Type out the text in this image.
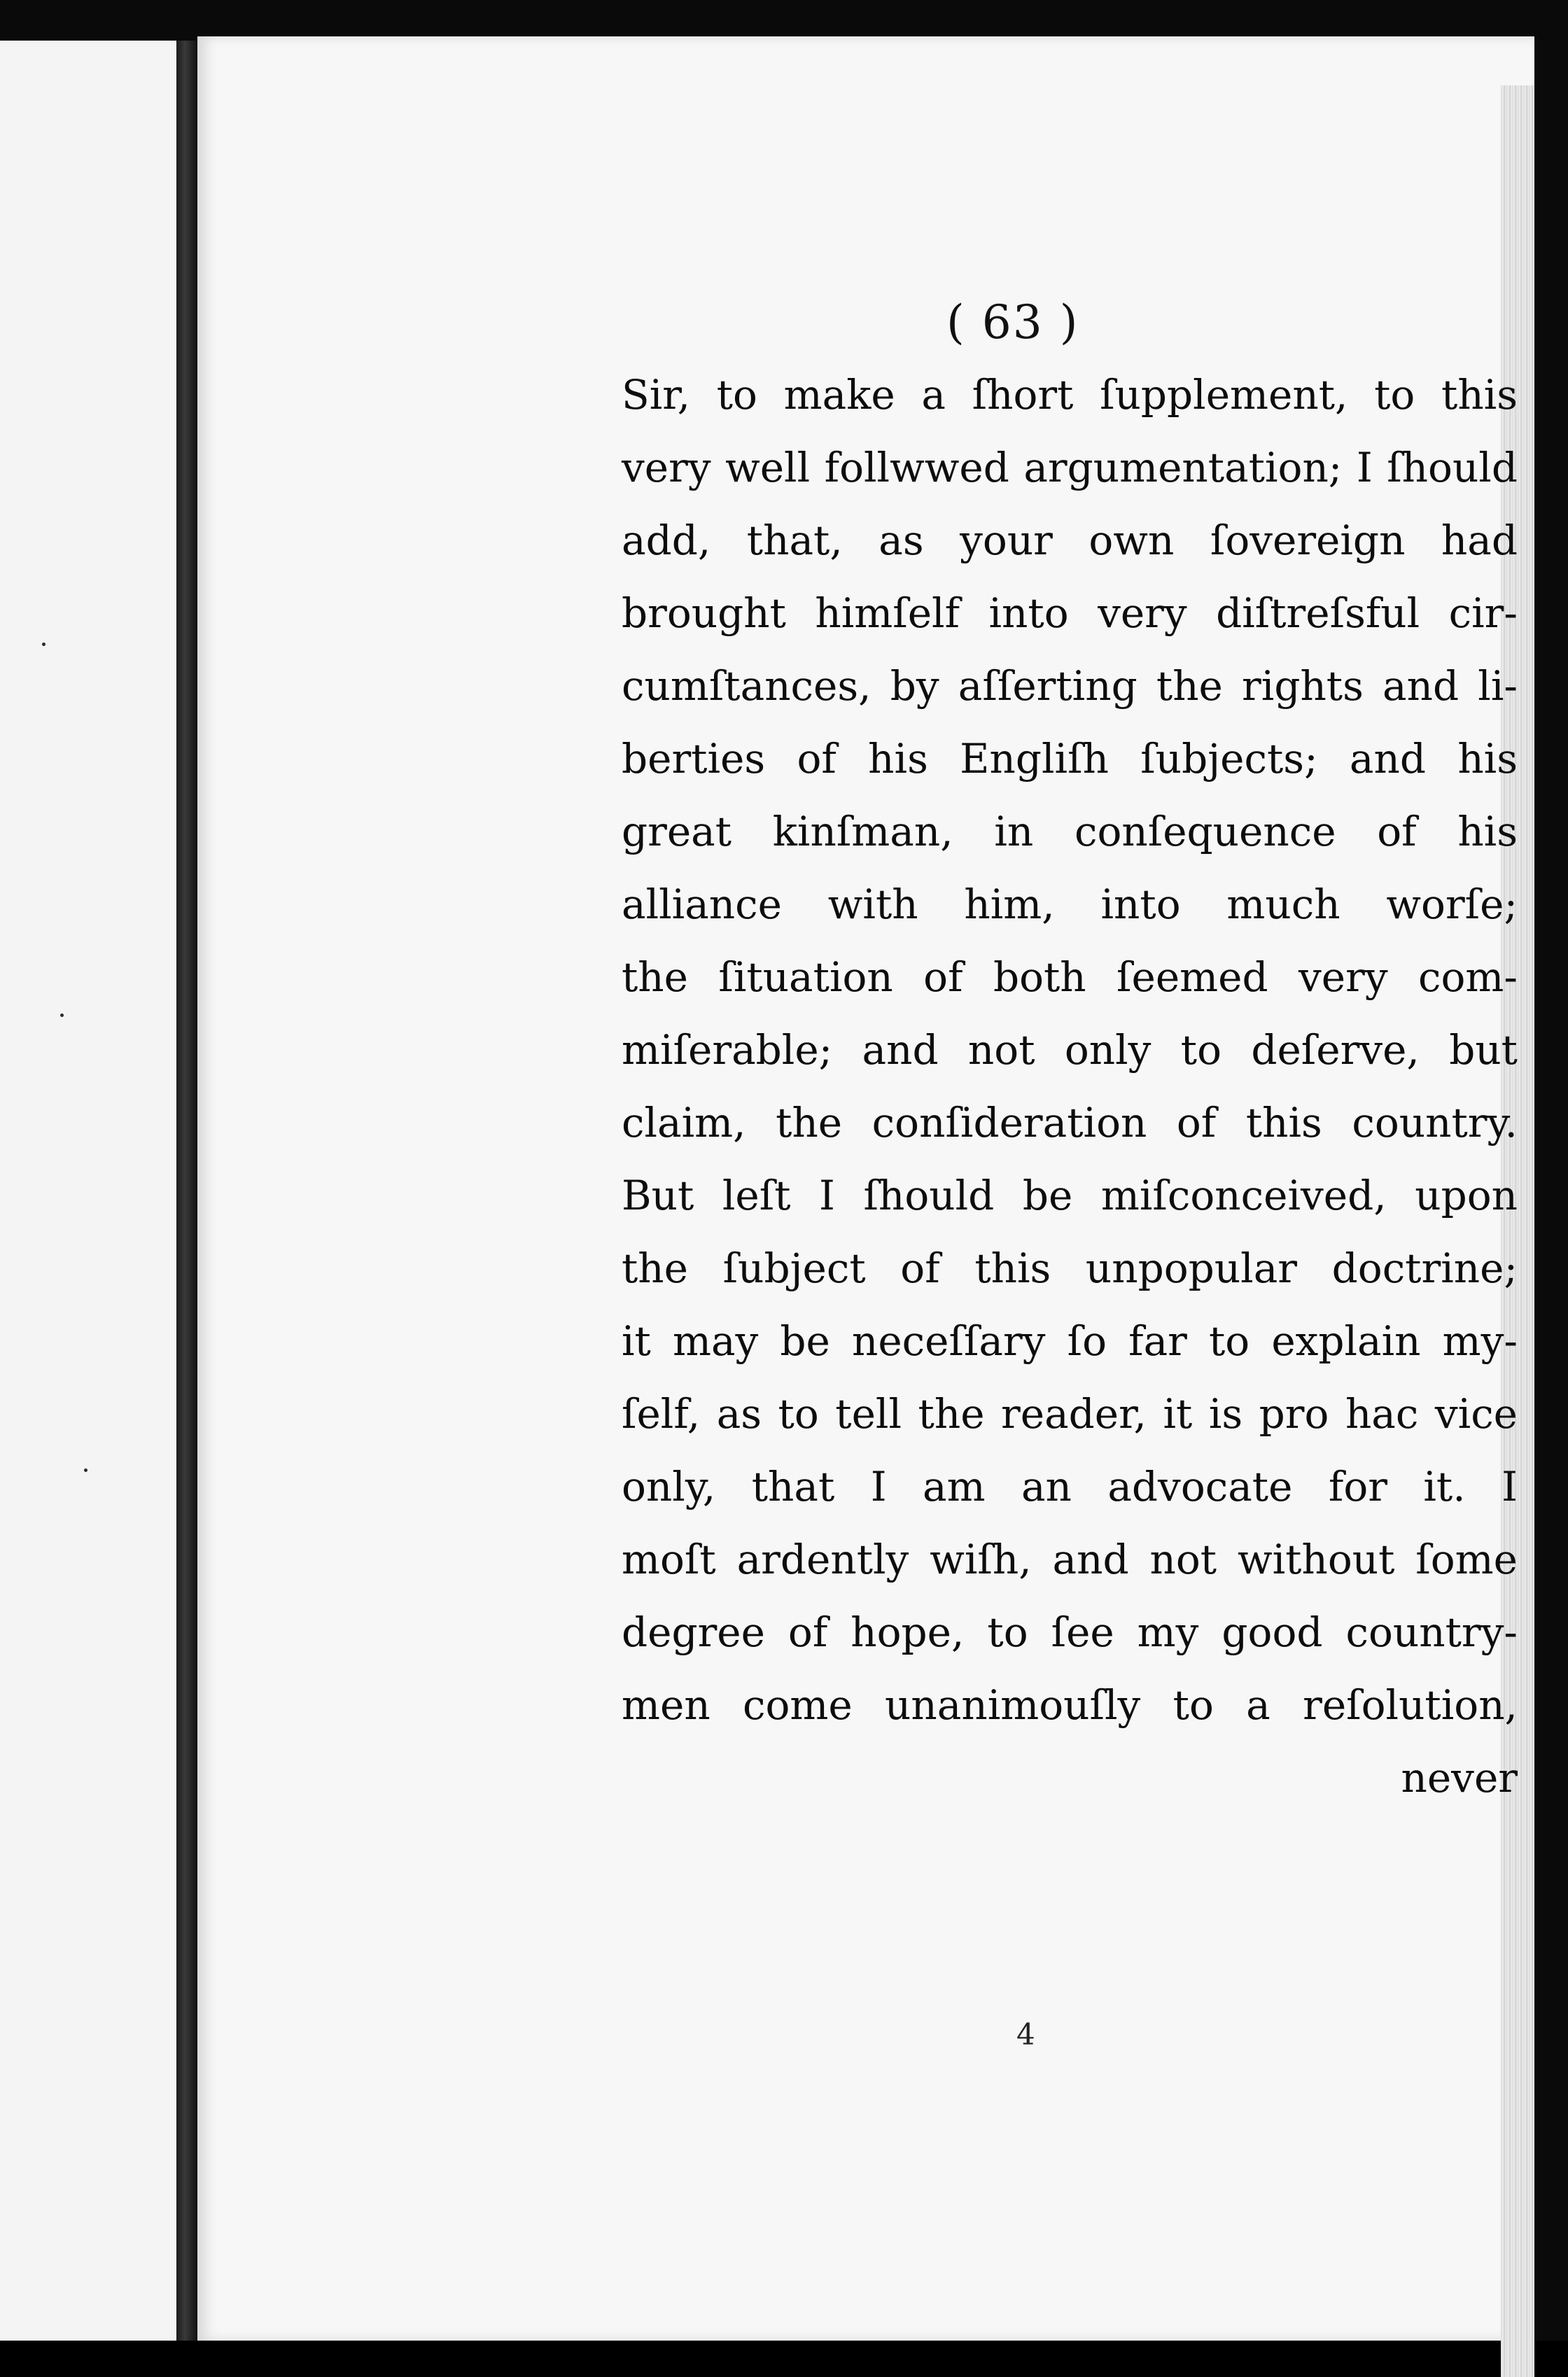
( 63 )
Sir, to make a ſhort ſupplement, to this
very well follwwed argumentation; I ſhould
add, that, as your own ſovereign had
brought himſelf into very diſtreſsful cir-
cumſtances, by aſſerting the rights and li-
berties of his Engliſh ſubjects; and his
great kinſman, in conſequence of his
alliance with him, into much worſe;
the ſituation of both ſeemed very com-
miſerable; and not only to deſerve, but
claim, the conſideration of this country.
But leſt I ſhould be miſconceived, upon
the ſubject of this unpopular doctrine;
it may be neceſſary ſo far to explain my-
ſelf, as to tell the reader, it is pro hac vice
only, that I am an advocate for it. I
moſt ardently wiſh, and not without ſome
degree of hope, to ſee my good country-
men come unanimouſly to a reſolution,
never
4
